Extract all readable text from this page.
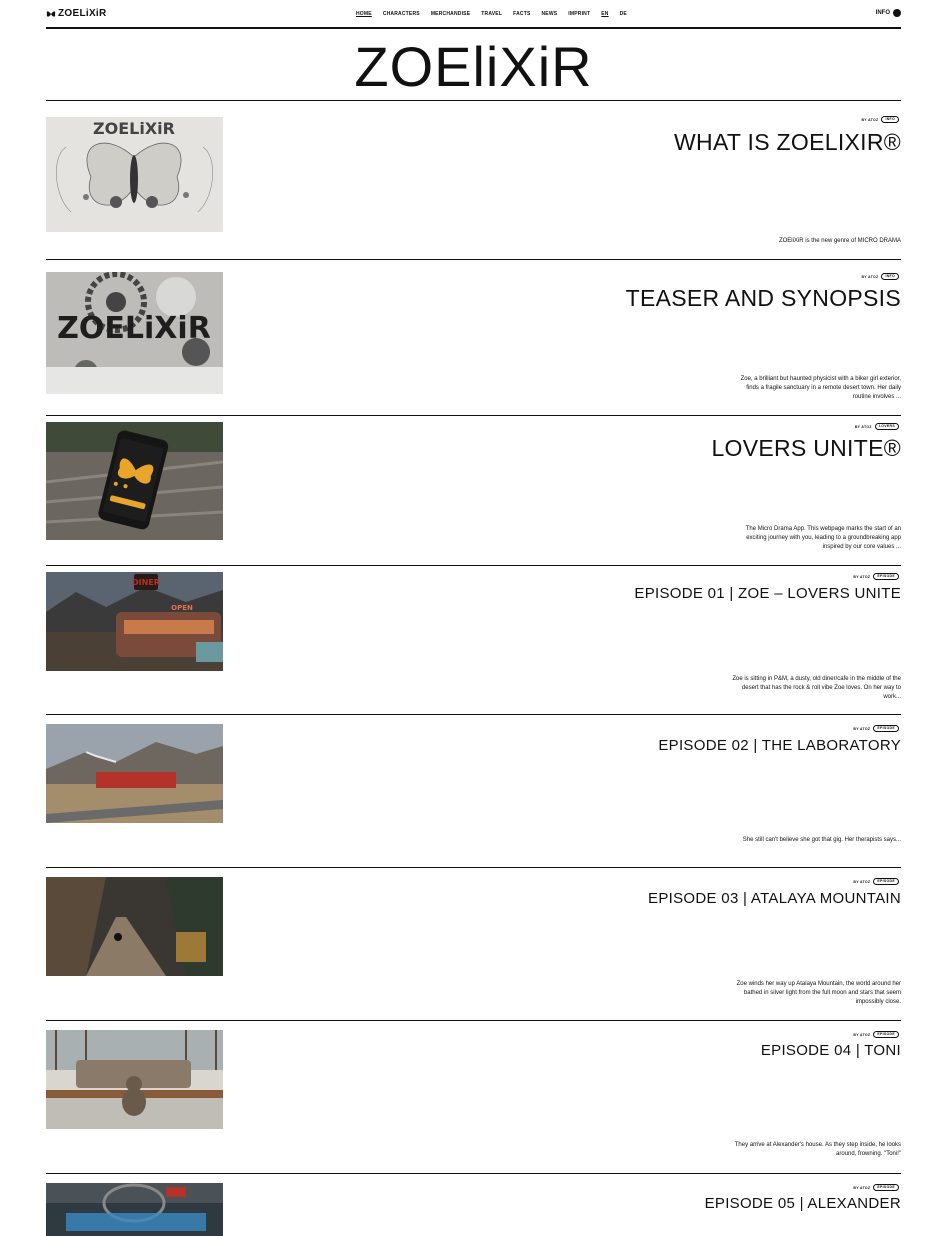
ZOELiXiR	HOME CHARACTERS MERCHANDISE TRAVEL FACTS NEWS IMPRINT EN DE	INFO
ZOEliXiR
ZOELiXiR	BY ATOZ	INFO
WHAT IS ZOELIXIR®
ZOEliXiR is the new genre of MICRO DRAMA
ZOELiXiR
BY ATOZ	INFO
TEASER AND SYNOPSIS
Zoe, a brilliant but haunted physicist with a biker girl exterior, finds a fragile sanctuary in a remote desert town. Her daily routine involves ...
BY ATOZ	LOVERS
LOVERS UNITE®
The Micro Drama App. This webpage marks the start of an exciting journey with you, leading to a groundbreaking app inspired by our core values ...
DINER
OPEN
BY ATOZ	EPISODE
EPISODE 01 | ZOE – LOVERS UNITE
Zoe is sitting in P&M, a dusty, old diner/cafe in the middle of the desert that has the rock & roll vibe Zoe loves. On her way to work...
BY ATOZ	EPISODE
EPISODE 02 | THE LABORATORY
She still can't believe she got that gig. Her therapists says...
BY ATOZ	EPISODE
EPISODE 03 | ATALAYA MOUNTAIN
Zoe winds her way up Atalaya Mountain, the world around her bathed in silver light from the full moon and stars that seem impossibly close.
BY ATOZ	EPISODE
EPISODE 04 | TONI
They arrive at Alexander's house. As they step inside, he looks around, frowning. "Toni!"
BY ATOZ	EPISODE
EPISODE 05 | ALEXANDER
